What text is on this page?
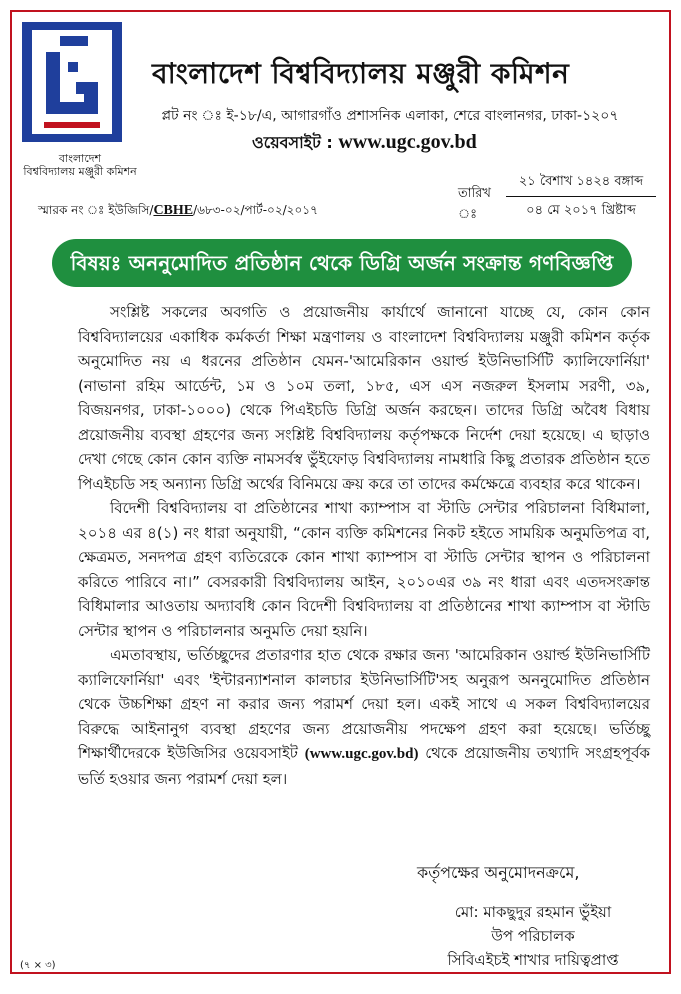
বাংলাদেশ
বিশ্ববিদ্যালয় মঞ্জুরী কমিশন
বাংলাদেশ বিশ্ববিদ্যালয় মঞ্জুরী কমিশন
প্লট নং ঃ ই-১৮/এ, আগারগাঁও প্রশাসনিক এলাকা, শেরে বাংলানগর, ঢাকা-১২০৭
ওয়েবসাইট : www.ugc.gov.bd
তারিখ ঃ
২১ বৈশাখ ১৪২৪ বঙ্গাব্দ
০৪ মে ২০১৭ খ্রিষ্টাব্দ
স্মারক নং ঃ ইউজিসি/CBHE/৬৮৩-০২/পার্ট-০২/২০১৭
বিষয়ঃ অননুমোদিত প্রতিষ্ঠান থেকে ডিগ্রি অর্জন সংক্রান্ত গণবিজ্ঞপ্তি

সংশ্লিষ্ট সকলের অবগতি ও প্রয়োজনীয় কার্যার্থে জানানো যাচ্ছে যে, কোন কোন বিশ্ববিদ্যালয়ের একাধিক কর্মকর্তা শিক্ষা মন্ত্রণালয় ও বাংলাদেশ বিশ্ববিদ্যালয় মঞ্জুরী কমিশন কর্তৃক অনুমোদিত নয় এ ধরনের প্রতিষ্ঠান যেমন-'আমেরিকান ওয়ার্ল্ড ইউনিভার্সিটি ক্যালিফোর্নিয়া' (নাভানা রহিম আর্ডেন্ট, ১ম ও ১০ম তলা, ১৮৫, এস এস নজরুল ইসলাম সরণী, ৩৯, বিজয়নগর, ঢাকা-১০০০) থেকে পিএইচডি ডিগ্রি অর্জন করছেন। তাদের ডিগ্রি অবৈধ বিধায় প্রয়োজনীয় ব্যবস্থা গ্রহণের জন্য সংশ্লিষ্ট বিশ্ববিদ্যালয় কর্তৃপক্ষকে নির্দেশ দেয়া হয়েছে। এ ছাড়াও দেখা গেছে কোন কোন ব্যক্তি নামসর্বস্ব ভুঁইফোড় বিশ্ববিদ্যালয় নামধারি কিছু প্রতারক প্রতিষ্ঠান হতে পিএইচডি সহ অন্যান্য ডিগ্রি অর্থের বিনিময়ে ক্রয় করে তা তাদের কর্মক্ষেত্রে ব্যবহার করে থাকেন।

বিদেশী বিশ্ববিদ্যালয় বা প্রতিষ্ঠানের শাখা ক্যাম্পাস বা স্টাডি সেন্টার পরিচালনা বিধিমালা, ২০১৪ এর ৪(১) নং ধারা অনুযায়ী, “কোন ব্যক্তি কমিশনের নিকট হইতে সাময়িক অনুমতিপত্র বা, ক্ষেত্রমত, সনদপত্র গ্রহণ ব্যতিরেকে কোন শাখা ক্যাম্পাস বা স্টাডি সেন্টার স্থাপন ও পরিচালনা করিতে পারিবে না।” বেসরকারী বিশ্ববিদ্যালয় আইন, ২০১০এর ৩৯ নং ধারা এবং এতদসংক্রান্ত বিধিমালার আওতায় অদ্যাবধি কোন বিদেশী বিশ্ববিদ্যালয় বা প্রতিষ্ঠানের শাখা ক্যাম্পাস বা স্টাডি সেন্টার স্থাপন ও পরিচালনার অনুমতি দেয়া হয়নি।

এমতাবস্থায়, ভর্তিচ্ছুদের প্রতারণার হাত থেকে রক্ষার জন্য 'আমেরিকান ওয়ার্ল্ড ইউনিভার্সিটি ক্যালিফোর্নিয়া' এবং 'ইন্টারন্যাশনাল কালচার ইউনিভার্সিটি'সহ অনুরূপ অননুমোদিত প্রতিষ্ঠান থেকে উচ্চশিক্ষা গ্রহণ না করার জন্য পরামর্শ দেয়া হল। একই সাথে এ সকল বিশ্ববিদ্যালয়ের বিরুদ্ধে আইনানুগ ব্যবস্থা গ্রহণের জন্য প্রয়োজনীয় পদক্ষেপ গ্রহণ করা হয়েছে। ভর্তিচ্ছু শিক্ষার্থীদেরকে ইউজিসির ওয়েবসাইট (www.ugc.gov.bd) থেকে প্রয়োজনীয় তথ্যাদি সংগ্রহপূর্বক ভর্তি হওয়ার জন্য পরামর্শ দেয়া হল।

কর্তৃপক্ষের অনুমোদনক্রমে,
মো: মাকছুদুর রহমান ভুঁইয়া
উপ পরিচালক
সিবিএইচই শাখার দায়িত্বপ্রাপ্ত
(৭ × ৩)
